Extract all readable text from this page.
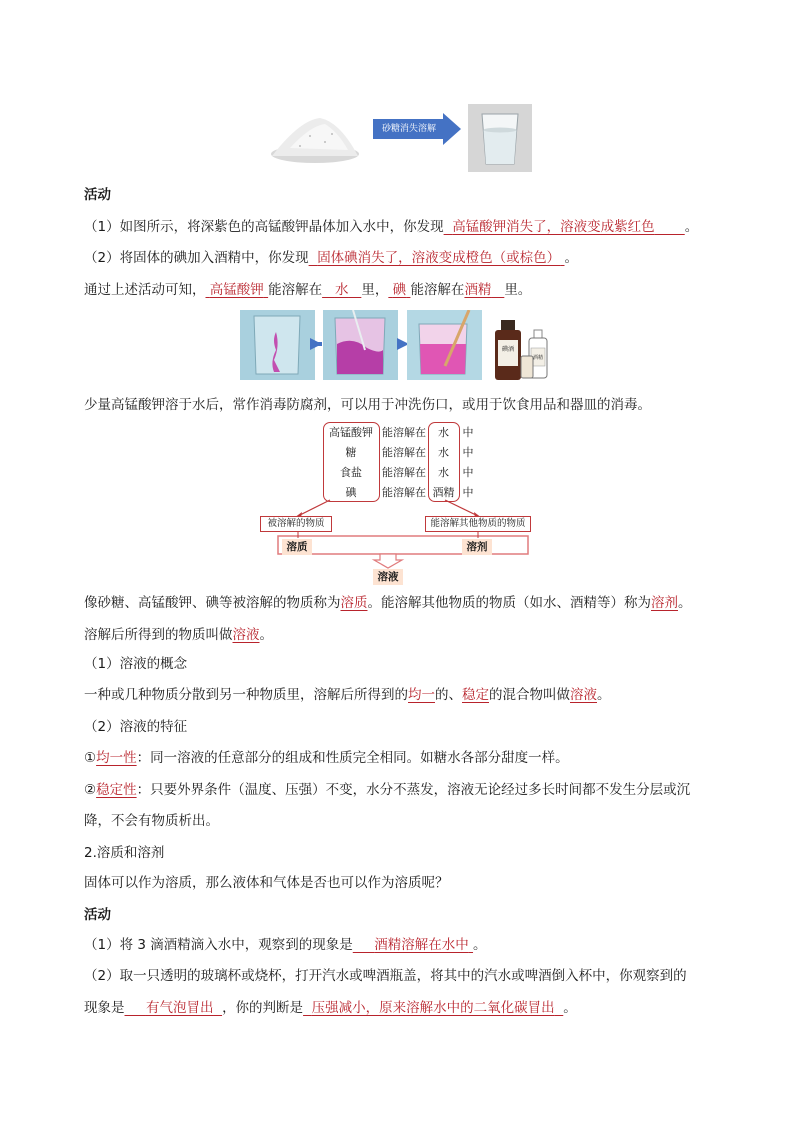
砂糖消失溶解
活动
（1）如图所示，将深紫色的高锰酸钾晶体加入水中，你发现 高锰酸钾消失了，溶液变成紫红色 。
（2）将固体的碘加入酒精中，你发现 固体碘消失了，溶液变成橙色（或棕色） 。
通过上述活动可知， 高锰酸钾 能溶解在 水 里， 碘 能溶解在酒精 里。
碘酒
酒精
少量高锰酸钾溶于水后，常作消毒防腐剂，可以用于冲洗伤口，或用于饮食用品和器皿的消毒。
高锰酸钾
糖
食盐
碘
能溶解在
能溶解在
能溶解在
能溶解在
水
水
水
酒精
中
中
中
中
被溶解的物质	能溶解其他物质的物质
溶质	溶剂
溶液
像砂糖、高锰酸钾、碘等被溶解的物质称为溶质。能溶解其他物质的物质（如水、酒精等）称为溶剂。
溶解后所得到的物质叫做溶液。
（1）溶液的概念
一种或几种物质分散到另一种物质里，溶解后所得到的均一的、稳定的混合物叫做溶液。
（2）溶液的特征
①均一性：同一溶液的任意部分的组成和性质完全相同。如糖水各部分甜度一样。
②稳定性：只要外界条件（温度、压强）不变，水分不蒸发，溶液无论经过多长时间都不发生分层或沉
降，不会有物质析出。
2.溶质和溶剂
固体可以作为溶质，那么液体和气体是否也可以作为溶质呢？
活动
（1）将 3 滴酒精滴入水中，观察到的现象是 酒精溶解在水中 。
（2）取一只透明的玻璃杯或烧杯，打开汽水或啤酒瓶盖，将其中的汽水或啤酒倒入杯中，你观察到的
现象是 有气泡冒出 ，你的判断是 压强减小，原来溶解水中的二氧化碳冒出 。
